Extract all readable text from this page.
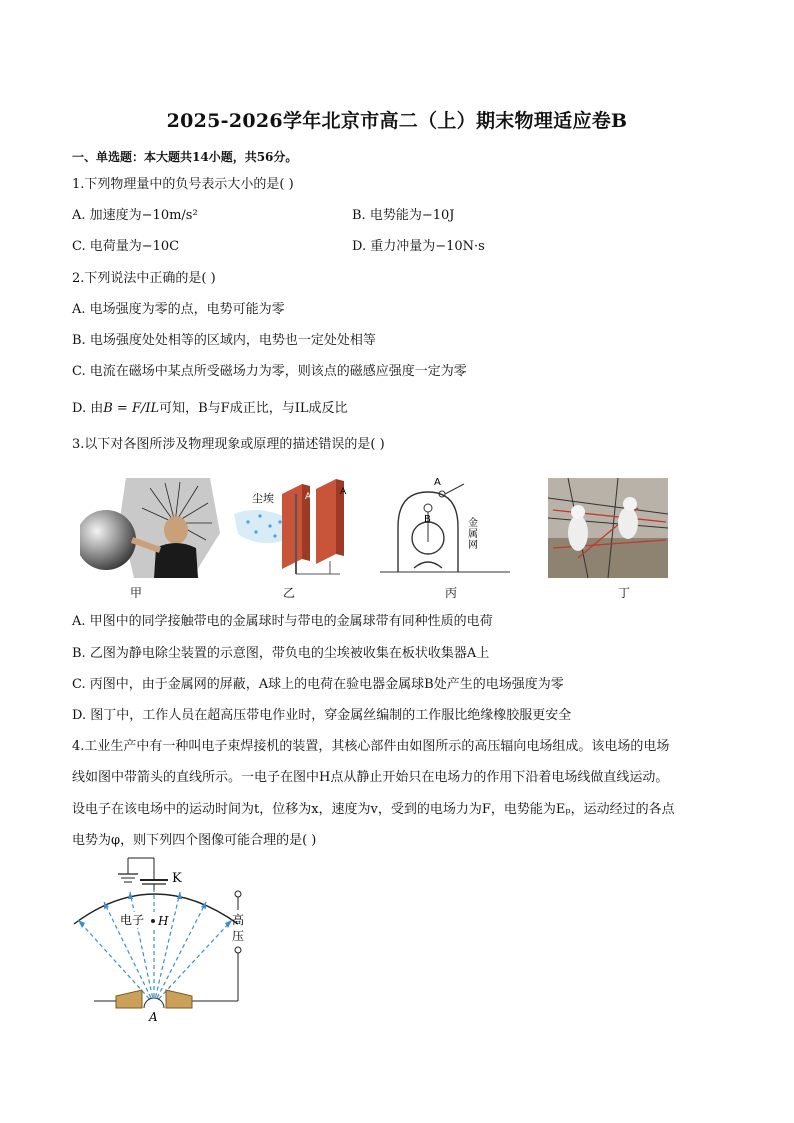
2025-2026学年北京市高二（上）期末物理适应卷B
一、单选题：本大题共14小题，共56分。
1.下列物理量中的负号表示大小的是( )
A. 加速度为−10m/s²	B. 电势能为−10J
C. 电荷量为−10C	D. 重力冲量为−10N·s
2.下列说法中正确的是( )
A. 电场强度为零的点，电势可能为零
B. 电场强度处处相等的区域内，电势也一定处处相等
C. 电流在磁场中某点所受磁场力为零，则该点的磁感应强度一定为零
D. 由B = F/IL可知，B与F成正比，与IL成反比
3.以下对各图所涉及物理现象或原理的描述错误的是( )
甲
尘埃	A	A
乙
B
A
金属网
丙	丁
A. 甲图中的同学接触带电的金属球时与带电的金属球带有同种性质的电荷
B. 乙图为静电除尘装置的示意图，带负电的尘埃被收集在板状收集器A上
C. 丙图中，由于金属网的屏蔽，A球上的电荷在验电器金属球B处产生的电场强度为零
D. 图丁中，工作人员在超高压带电作业时，穿金属丝编制的工作服比绝缘橡胶服更安全
4.工业生产中有一种叫电子束焊接机的装置，其核心部件由如图所示的高压辐向电场组成。该电场的电场
线如图中带箭头的直线所示。一电子在图中H点从静止开始只在电场力的作用下沿着电场线做直线运动。
设电子在该电场中的运动时间为t，位移为x，速度为v，受到的电场力为F，电势能为Eₚ，运动经过的各点
电势为φ，则下列四个图像可能合理的是( )
K
高
压
电子 H
A
